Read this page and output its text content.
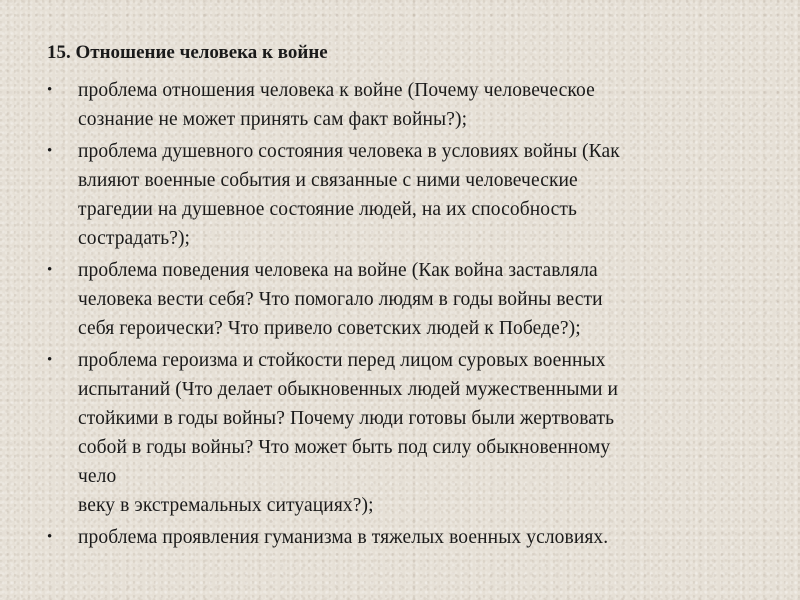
15. Отношение человека к войне
• проблема отношения человека к войне (Почему человеческое
сознание не может принять сам факт войны?);
• проблема душевного состояния человека в условиях войны (Как
влияют военные события и связанные с ними человеческие
трагедии на душевное состояние людей, на их способность
сострадать?);
• проблема поведения человека на войне (Как война заставляла
человека вести себя? Что помогало людям в годы войны вести
себя героически? Что привело советских людей к Победе?);
• проблема героизма и стойкости перед лицом суровых военных
испытаний (Что делает обыкновенных людей мужественными и
стойкими в годы войны? Почему люди готовы были жертвовать
собой в годы войны? Что может быть под силу обыкновенному
чело
веку в экстремальных ситуациях?);
• проблема проявления гуманизма в тяжелых военных условиях.
